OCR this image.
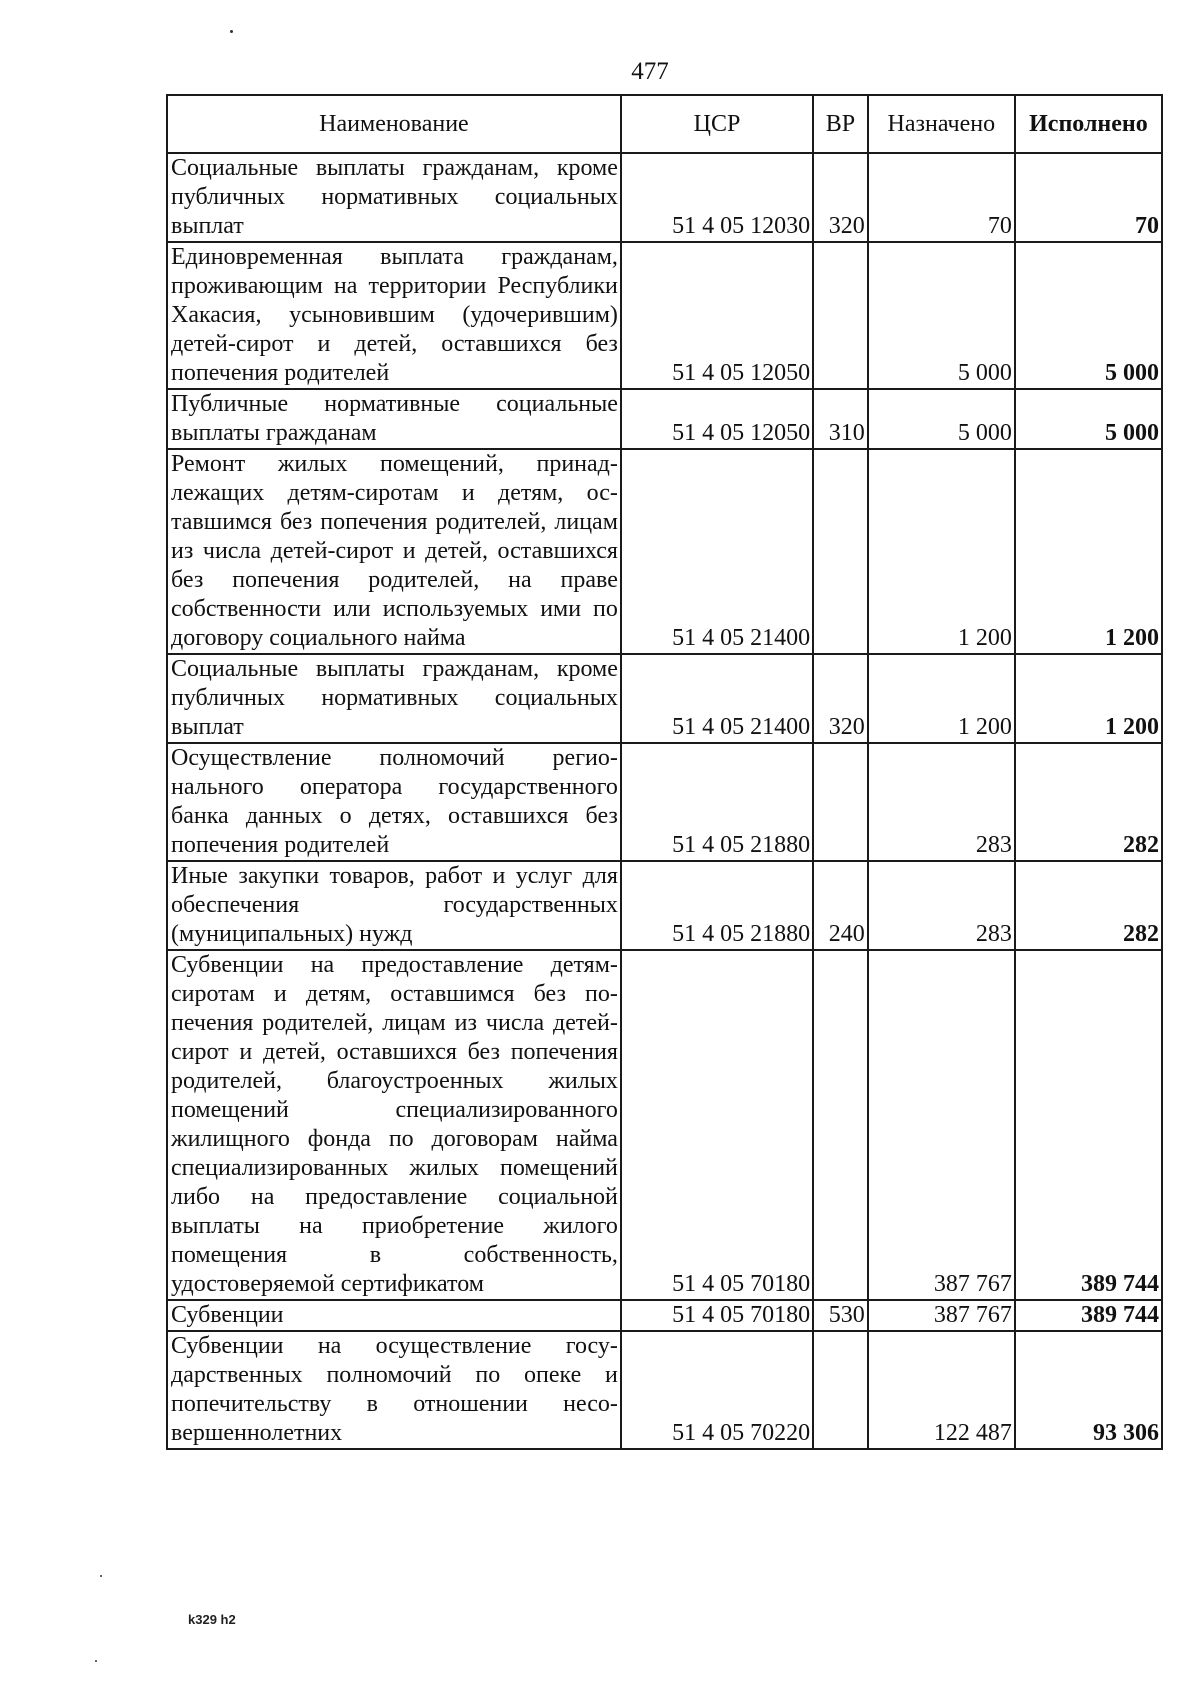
477
Наименование	ЦСР	ВР	Назначено	Исполнено
Социальные выплаты гражданам, кроме публичных нормативных социальных выплат	51 4 05 12030	320	70	70
Единовременная выплата гражданам, проживающим на территории Республики Хакасия, усыновившим (удочерившим) детей-сирот и детей, оставшихся без попечения родителей	51 4 05 12050		5 000	5 000
Публичные нормативные социальные выплаты гражданам	51 4 05 12050	310	5 000	5 000
Ремонт жилых помещений, принадлежащих детям-сиротам и детям, оставшимся без попечения родителей, лицам из числа детей-сирот и детей, оставшихся без попечения родителей, на праве собственности или используемых ими по договору социального найма	51 4 05 21400		1 200	1 200
Социальные выплаты гражданам, кроме публичных нормативных социальных выплат	51 4 05 21400	320	1 200	1 200
Осуществление полномочий регионального оператора государственного банка данных о детях, оставшихся без попечения родителей	51 4 05 21880		283	282
Иные закупки товаров, работ и услуг для обеспечения государственных (муниципальных) нужд	51 4 05 21880	240	283	282
Субвенции на предоставление детям-сиротам и детям, оставшимся без попечения родителей, лицам из числа детей-сирот и детей, оставшихся без попечения родителей, благоустроенных жилых помещений специализированного жилищного фонда по договорам найма специализированных жилых помещений либо на предоставление социальной выплаты на приобретение жилого помещения в собственность, удостоверяемой сертификатом	51 4 05 70180		387 767	389 744
Субвенции	51 4 05 70180	530	387 767	389 744
Субвенции на осуществление государственных полномочий по опеке и попечительству в отношении несовершеннолетних	51 4 05 70220		122 487	93 306
k329 h2
